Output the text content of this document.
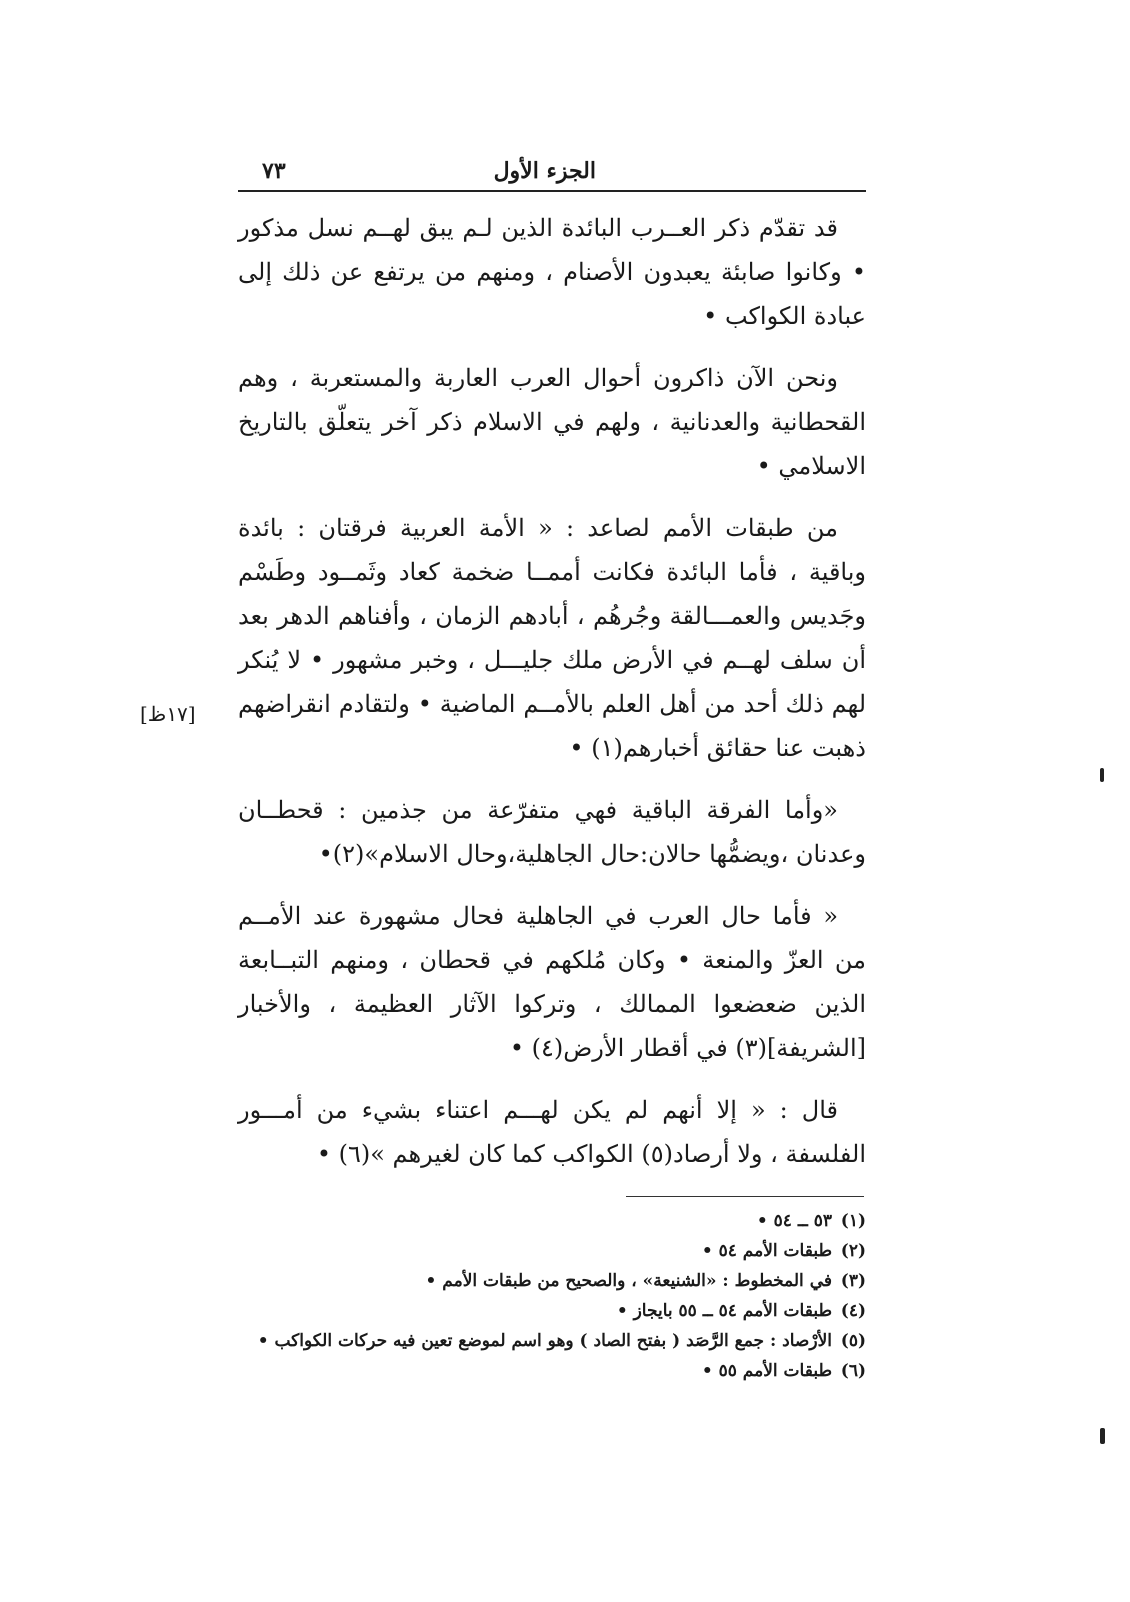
الجزء الأول
٧٣

قد تقدّم ذكر العــرب البائدة الذين لـم يبق لهــم نسل مذكور • وكانوا صابئة يعبدون الأصنام ، ومنهم من يرتفع عن ذلك إلى عبادة الكواكب •

ونحن الآن ذاكرون أحوال العرب العاربة والمستعربة ، وهم القحطانية والعدنانية ، ولهم في الاسلام ذكر آخر يتعلّق بالتاريخ الاسلامي •

من طبقات الأمم لصاعد : « الأمة العربية فرقتان : بائدة وباقية ، فأما البائدة فكانت أممــا ضخمة كعاد وثَمــود وطَسْم وجَديس والعمـــالقة وجُرهُم ، أبادهم الزمان ، وأفناهم الدهر بعد أن سلف لهــم في الأرض ملك جليـــل ، وخبر مشهور • لا يُنكر لهم ذلك أحد من أهل العلم بالأمــم الماضية • ولتقادم انقراضهم ذهبت عنا حقائق أخبارهم(١) •

«وأما الفرقة الباقية فهي متفرّعة من جذمين : قحطــان وعدنان ،ويضمُّها حالان:حال الجاهلية،وحال الاسلام»(٢)•

« فأما حال العرب في الجاهلية فحال مشهورة عند الأمــم من العزّ والمنعة • وكان مُلكهم في قحطان ، ومنهم التبــابعة الذين ضعضعوا الممالك ، وتركوا الآثار العظيمة ، والأخبار [الشريفة](٣) في أقطار الأرض(٤) •

قال : « إلا أنهم لم يكن لهـــم اعتناء بشيء من أمـــور الفلسفة ، ولا أرصاد(٥) الكواكب كما كان لغيرهم »(٦) •

[١٧ظ]
(١)
٥٣ ــ ٥٤ •
(٢)
طبقات الأمم ٥٤ •
(٣)
في المخطوط : «الشنيعة» ، والصحيح من طبقات الأمم •
(٤)
طبقات الأمم ٥٤ ــ ٥٥ بايجاز •
(٥)
الأرْصاد : جمع الرَّصَد ( بفتح الصاد ) وهو اسم لموضع تعين فيه حركات الكواكب •
(٦)
طبقات الأمم ٥٥ •
